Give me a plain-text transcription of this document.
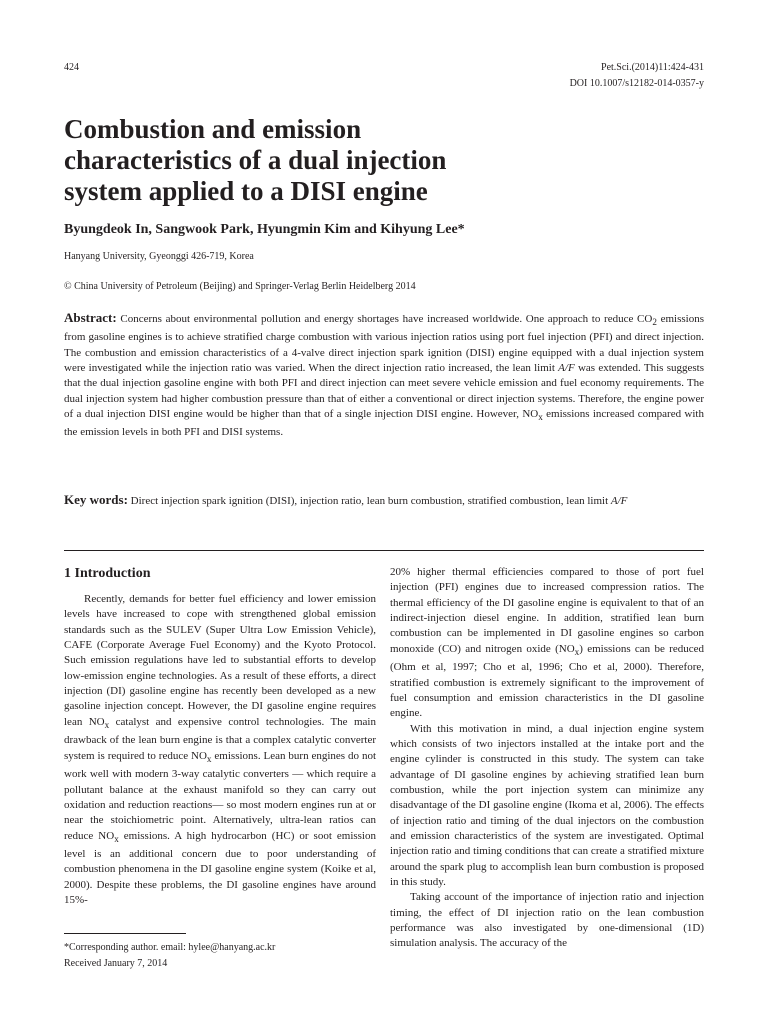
424	Pet.Sci.(2014)11:424-431
DOI 10.1007/s12182-014-0357-y
Combustion and emission characteristics of a dual injection system applied to a DISI engine
Byungdeok In, Sangwook Park, Hyungmin Kim and Kihyung Lee*
Hanyang University, Gyeonggi 426-719, Korea
© China University of Petroleum (Beijing) and Springer-Verlag Berlin Heidelberg 2014

Abstract: Concerns about environmental pollution and energy shortages have increased worldwide. One approach to reduce $CO_2$ emissions from gasoline engines is to achieve stratified charge combustion with various injection ratios using port fuel injection (PFI) and direct injection. The combustion and emission characteristics of a 4-valve direct injection spark ignition (DISI) engine equipped with a dual injection system were investigated while the injection ratio was varied. When the direct injection ratio increased, the lean limit A/F was extended. This suggests that the dual injection gasoline engine with both PFI and direct injection can meet severe vehicle emission and fuel economy requirements. The dual injection system had higher combustion pressure than that of either a conventional or direct injection systems. Therefore, the engine power of a dual injection DISI engine would be higher than that of a single injection DISI engine. However, $NO_x$ emissions increased compared with the emission levels in both PFI and DISI systems.

Key words: Direct injection spark ignition (DISI), injection ratio, lean burn combustion, stratified combustion, lean limit A/F

1 Introduction

Recently, demands for better fuel efficiency and lower emission levels have increased to cope with strengthened global emission standards such as the SULEV (Super Ultra Low Emission Vehicle), CAFE (Corporate Average Fuel Economy) and the Kyoto Protocol. Such emission regulations have led to substantial efforts to develop low-emission engine technologies. As a result of these efforts, a direct injection (DI) gasoline engine has recently been developed as a new gasoline injection concept. However, the DI gasoline engine requires lean $NO_x$ catalyst and expensive control technologies. The main drawback of the lean burn engine is that a complex catalytic converter system is required to reduce $NO_x$ emissions. Lean burn engines do not work well with modern 3-way catalytic converters — which require a pollutant balance at the exhaust manifold so they can carry out oxidation and reduction reactions— so most modern engines run at or near the stoichiometric point. Alternatively, ultra-lean ratios can reduce $NO_x$ emissions. A high hydrocarbon (HC) or soot emission level is an additional concern due to poor understanding of combustion phenomena in the DI gasoline engine system (Koike et al, 2000). Despite these problems, the DI gasoline engines have around 15%-

20% higher thermal efficiencies compared to those of port fuel injection (PFI) engines due to increased compression ratios. The thermal efficiency of the DI gasoline engine is equivalent to that of an indirect-injection diesel engine. In addition, stratified lean burn combustion can be implemented in DI gasoline engines so carbon monoxide (CO) and nitrogen oxide $(NO_x)$ emissions can be reduced (Ohm et al, 1997; Cho et al, 1996; Cho et al, 2000). Therefore, stratified combustion is extremely significant to the improvement of fuel consumption and emission characteristics in the DI gasoline engine.

With this motivation in mind, a dual injection engine system which consists of two injectors installed at the intake port and the engine cylinder is constructed in this study. The system can take advantage of DI gasoline engines by achieving stratified lean burn combustion, while the port injection system can minimize any disadvantage of the DI gasoline engine (Ikoma et al, 2006). The effects of injection ratio and timing of the dual injectors on the combustion and emission characteristics of the system are investigated. Optimal injection ratio and timing conditions that can create a stratified mixture around the spark plug to accomplish lean burn combustion is proposed in this study.

Taking account of the importance of injection ratio and injection timing, the effect of DI injection ratio on the lean combustion performance was also investigated by one-dimensional (1D) simulation analysis. The accuracy of the

*Corresponding author. email: hylee@hanyang.ac.kr
Received January 7, 2014
